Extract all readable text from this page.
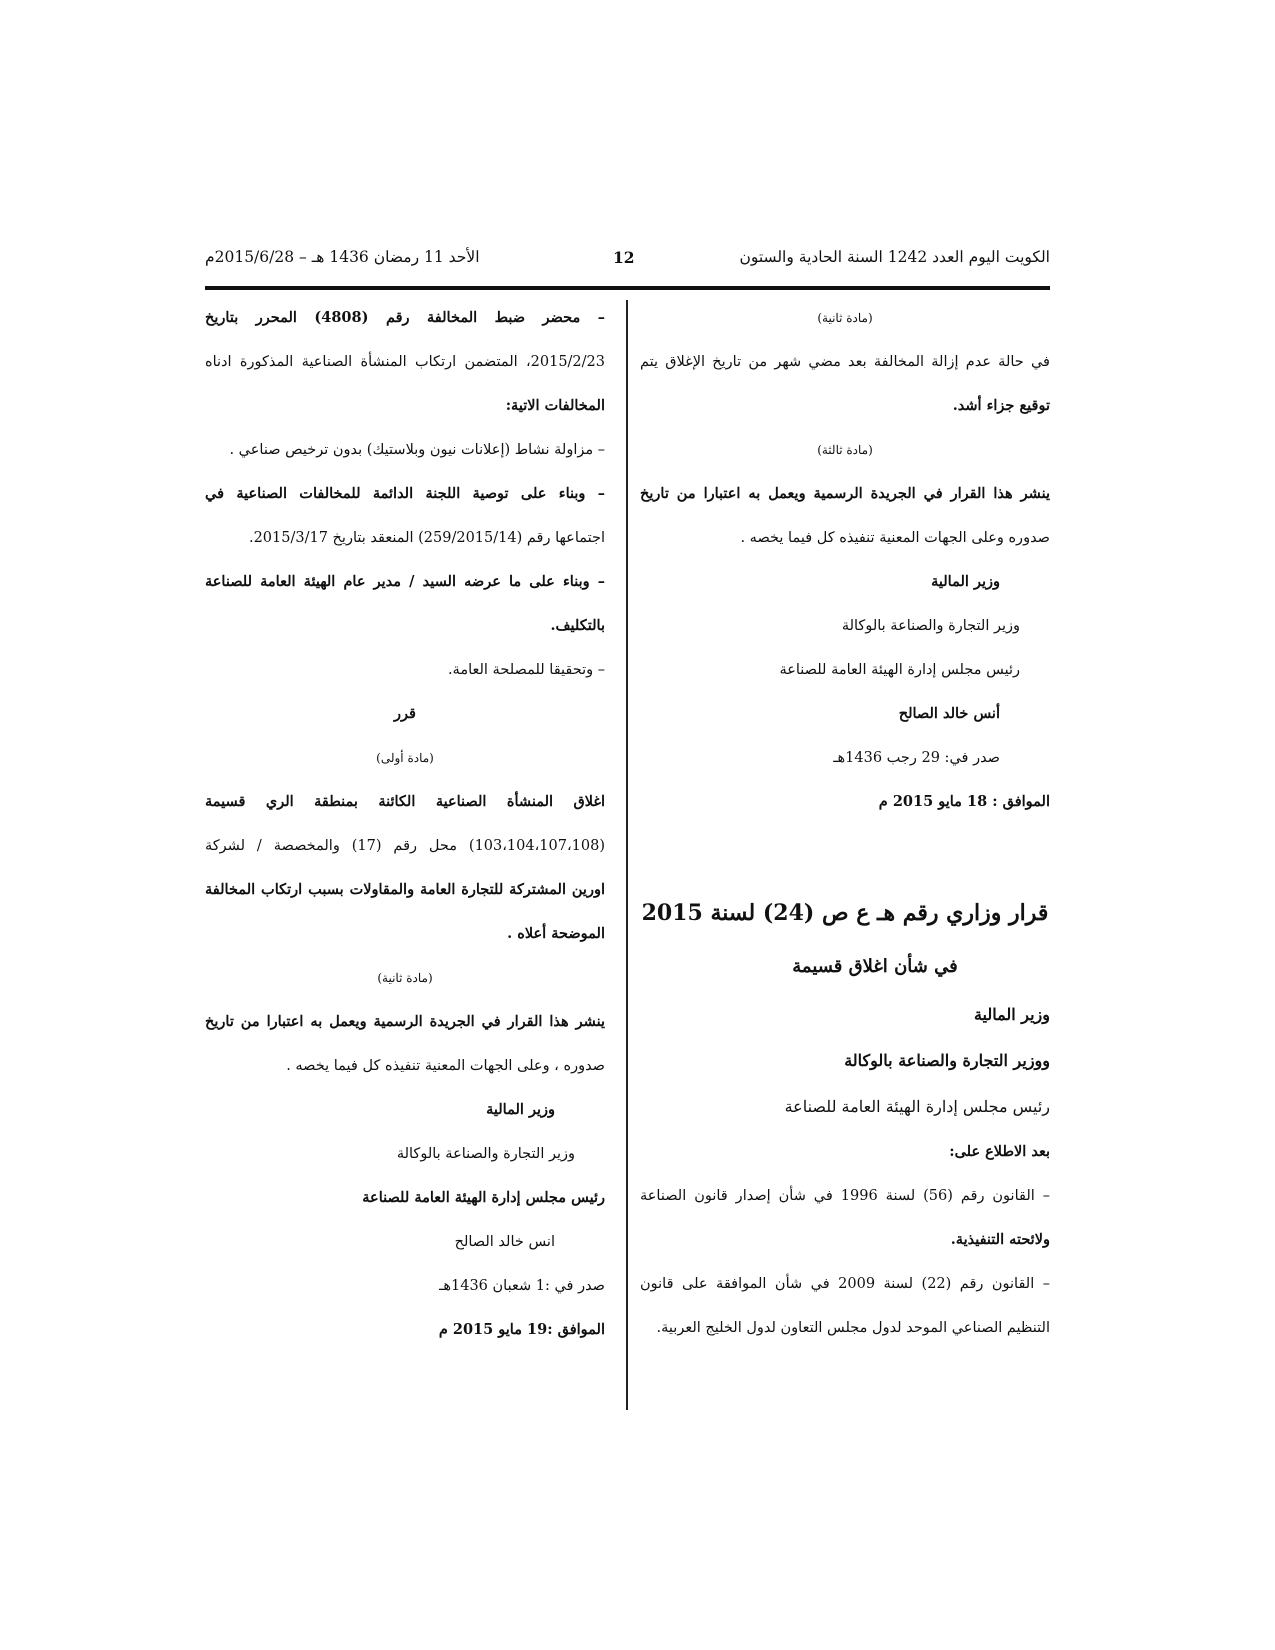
الكويت اليوم العدد 1242 السنة الحادية والستون
12
الأحد 11 رمضان 1436 هـ – 2015/6/28م
(مادة ثانية)
في حالة عدم إزالة المخالفة بعد مضي شهر من تاريخ الإغلاق يتم
توقيع جزاء أشد.
(مادة ثالثة)
ينشر هذا القرار في الجريدة الرسمية ويعمل به اعتبارا من تاريخ
صدوره وعلى الجهات المعنية تنفيذه كل فيما يخصه .
وزير المالية
وزير التجارة والصناعة بالوكالة
رئيس مجلس إدارة الهيئة العامة للصناعة
أنس خالد الصالح
صدر في: 29 رجب 1436هـ
الموافق : 18 مايو 2015 م
قرار وزاري رقم هـ ع ص (24) لسنة 2015
في شأن اغلاق قسيمة
وزير المالية
ووزير التجارة والصناعة بالوكالة
رئيس مجلس إدارة الهيئة العامة للصناعة
بعد الاطلاع على:
– القانون رقم (56) لسنة 1996 في شأن إصدار قانون الصناعة
ولائحته التنفيذية.
– القانون رقم (22) لسنة 2009 في شأن الموافقة على قانون
التنظيم الصناعي الموحد لدول مجلس التعاون لدول الخليج العربية.
– محضر ضبط المخالفة رقم (4808) المحرر بتاريخ
2015/2/23، المتضمن ارتكاب المنشأة الصناعية المذكورة ادناه
المخالفات الاتية:
– مزاولة نشاط (إعلانات نيون وبلاستيك) بدون ترخيص صناعي .
– وبناء على توصية اللجنة الدائمة للمخالفات الصناعية في
اجتماعها رقم (259/2015/14) المنعقد بتاريخ 2015/3/17.
– وبناء على ما عرضه السيد / مدير عام الهيئة العامة للصناعة
بالتكليف.
– وتحقيقا للمصلحة العامة.
قرر
(مادة أولى)
اغلاق المنشأة الصناعية الكائنة بمنطقة الري قسيمة
(103،104،107،108) محل رقم (17) والمخصصة / لشركة
اورين المشتركة للتجارة العامة والمقاولات بسبب ارتكاب المخالفة
الموضحة أعلاه .
(مادة ثانية)
ينشر هذا القرار في الجريدة الرسمية ويعمل به اعتبارا من تاريخ
صدوره ، وعلى الجهات المعنية تنفيذه كل فيما يخصه .
وزير المالية
وزير التجارة والصناعة بالوكالة
رئيس مجلس إدارة الهيئة العامة للصناعة
انس خالد الصالح
صدر في :1 شعبان 1436هـ
الموافق :19 مايو 2015 م
